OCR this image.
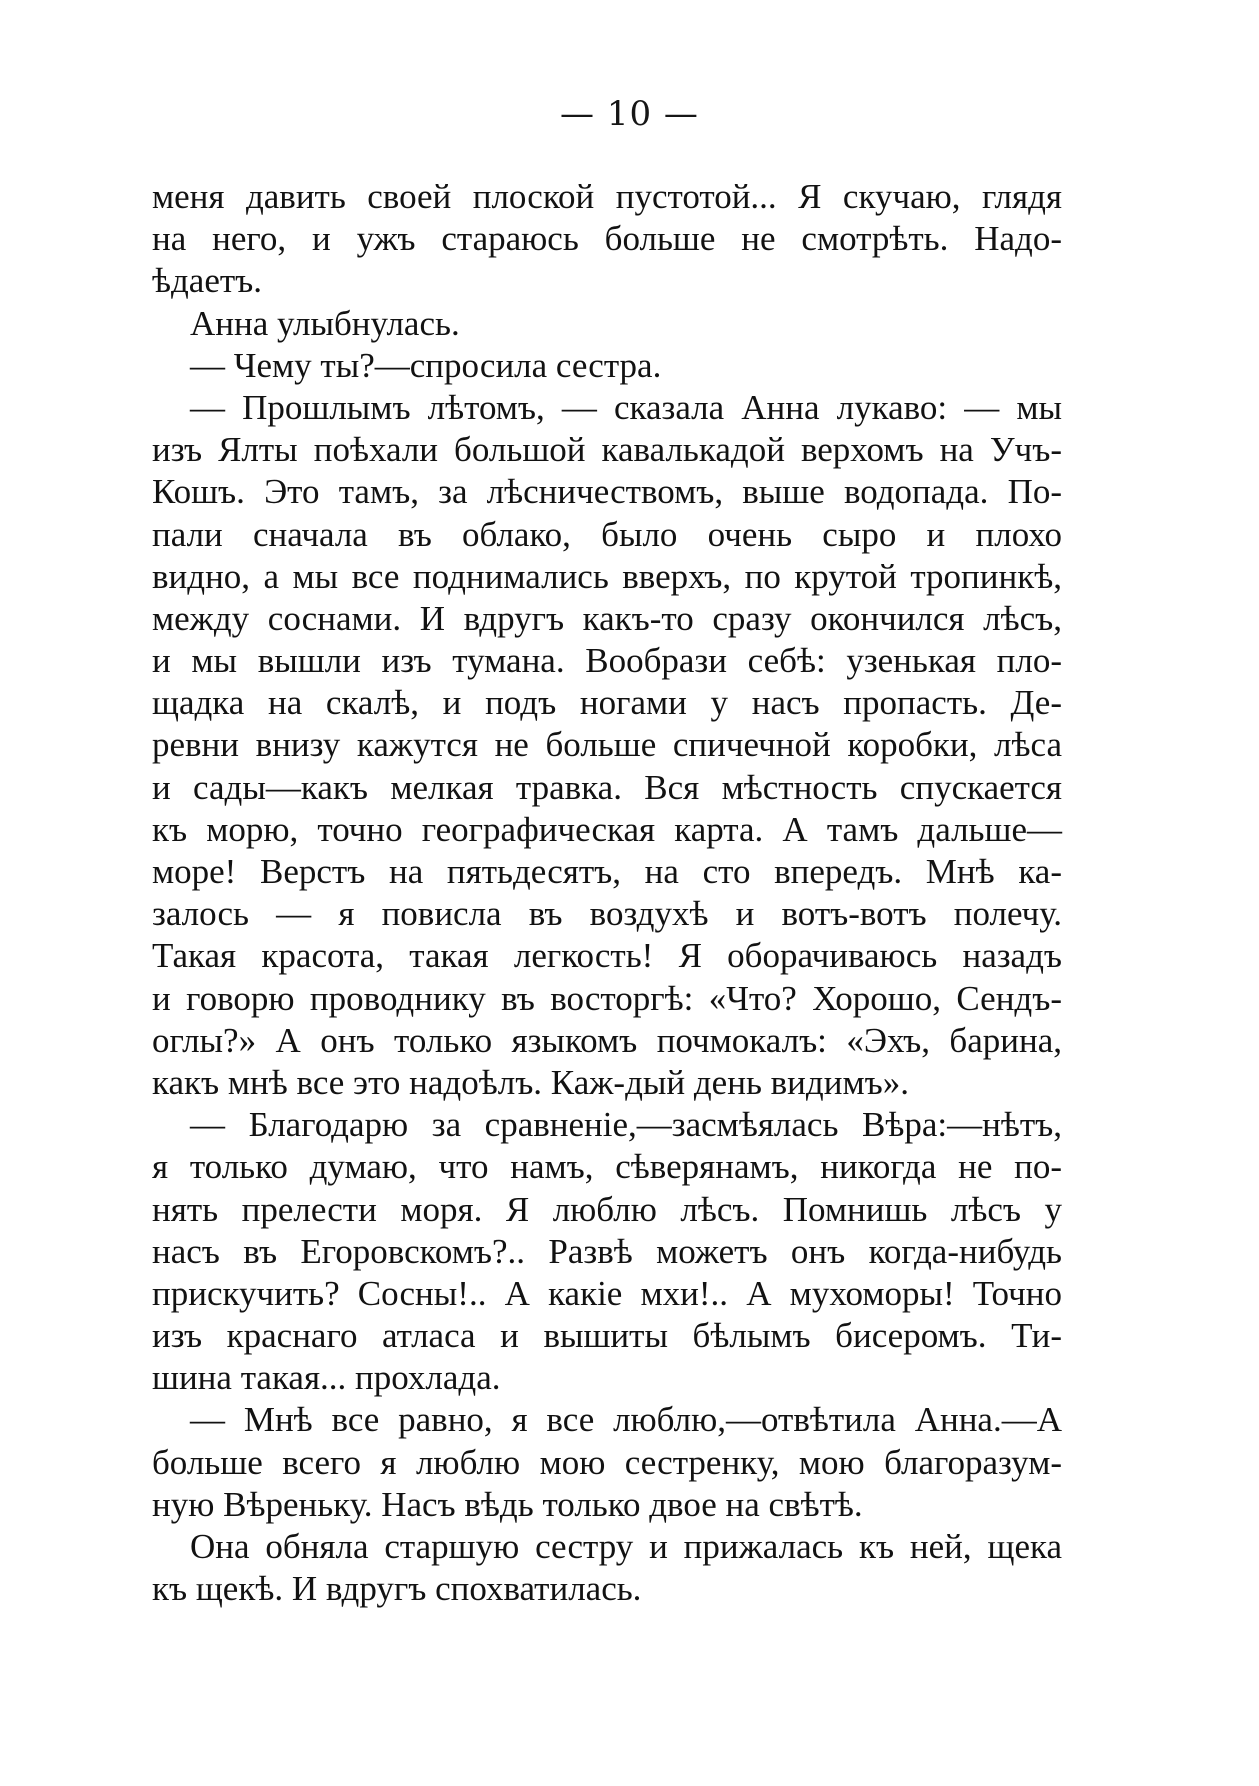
— 10 —
меня давить своей плоской пустотой... Я скучаю, глядя
на него, и ужъ стараюсь больше не смотрѣть. Надо-
ѣдаетъ.
Анна улыбнулась.
— Чему ты?—спросила сестра.
— Прошлымъ лѣтомъ, — сказала Анна лукаво: — мы
изъ Ялты поѣхали большой кавалькадой верхомъ на Учъ-
Кошъ. Это тамъ, за лѣсничествомъ, выше водопада. По-
пали сначала въ облако, было очень сыро и плохо
видно, а мы все поднимались вверхъ, по крутой тропинкѣ,
между соснами. И вдругъ какъ-то сразу окончился лѣсъ,
и мы вышли изъ тумана. Вообрази себѣ: узенькая пло-
щадка на скалѣ, и подъ ногами у насъ пропасть. Де-
ревни внизу кажутся не больше спичечной коробки, лѣса
и сады—какъ мелкая травка. Вся мѣстность спускается
къ морю, точно географическая карта. А тамъ дальше—
море! Верстъ на пятьдесятъ, на сто впередъ. Мнѣ ка-
залось — я повисла въ воздухѣ и вотъ-вотъ полечу.
Такая красота, такая легкость! Я оборачиваюсь назадъ
и говорю проводнику въ восторгѣ: «Что? Хорошо, Сендъ-
оглы?» А онъ только языкомъ почмокалъ: «Эхъ, барина,
какъ мнѣ все это надоѣлъ. Каж-дый день видимъ».
— Благодарю за сравненіе,—засмѣялась Вѣра:—нѣтъ,
я только думаю, что намъ, сѣверянамъ, никогда не по-
нять прелести моря. Я люблю лѣсъ. Помнишь лѣсъ у
насъ въ Егоровскомъ?.. Развѣ можетъ онъ когда-нибудь
прискучить? Сосны!.. А какіе мхи!.. А мухоморы! Точно
изъ краснаго атласа и вышиты бѣлымъ бисеромъ. Ти-
шина такая... прохлада.
— Мнѣ все равно, я все люблю,—отвѣтила Анна.—А
больше всего я люблю мою сестренку, мою благоразум-
ную Вѣреньку. Насъ вѣдь только двое на свѣтѣ.
Она обняла старшую сестру и прижалась къ ней, щека
къ щекѣ. И вдругъ спохватилась.
